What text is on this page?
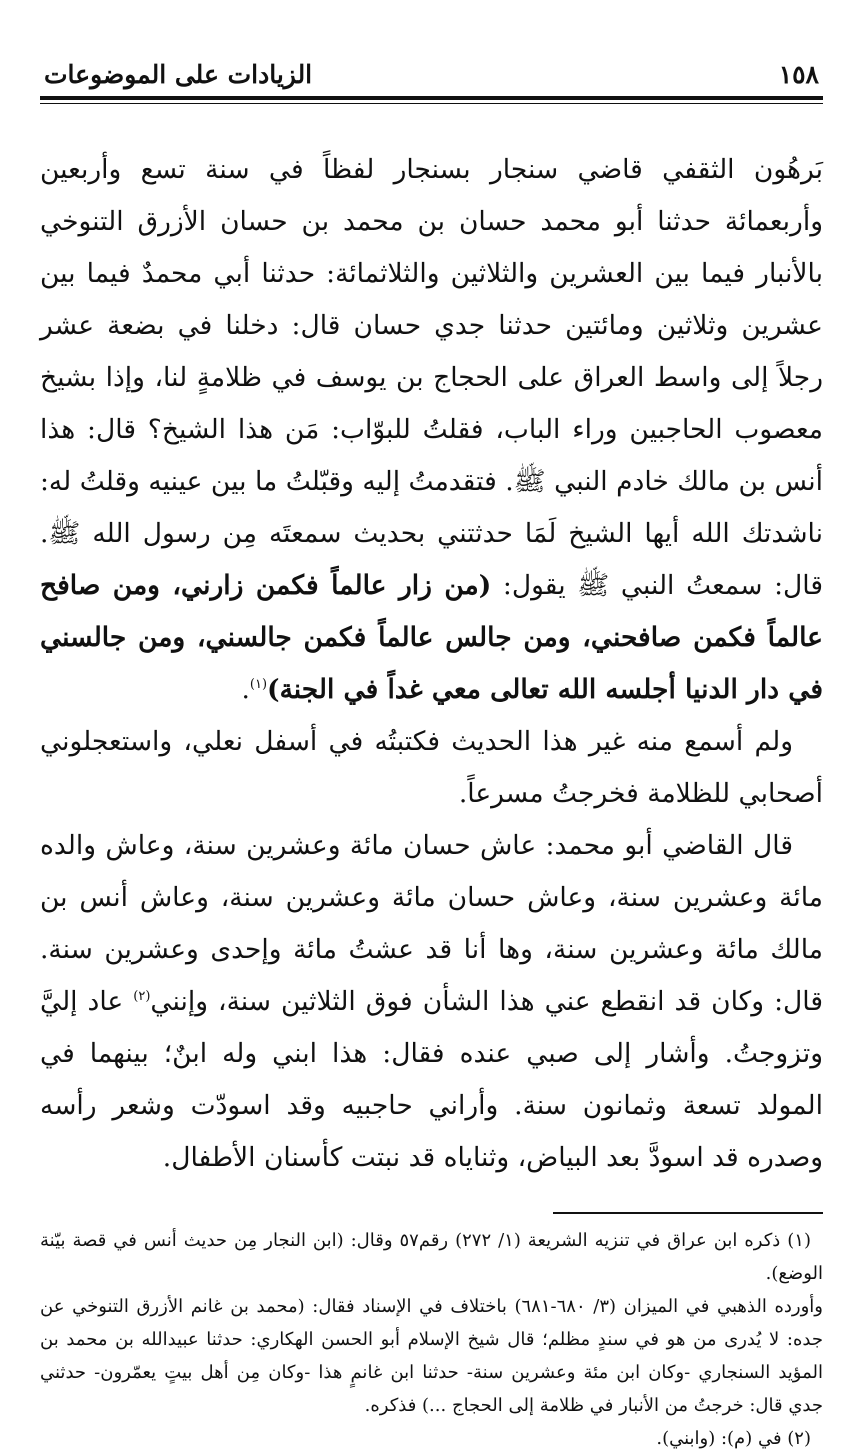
١٥٨
الزيادات على الموضوعات

بَرهُون الثقفي قاضي سنجار بسنجار لفظاً في سنة تسع وأربعين وأربعمائة حدثنا أبو محمد حسان بن محمد بن حسان الأزرق التنوخي بالأنبار فيما بين العشرين والثلاثين والثلاثمائة: حدثنا أبي محمدٌ فيما بين عشرين وثلاثين ومائتين حدثنا جدي حسان قال: دخلنا في بضعة عشر رجلاً إلى واسط العراق على الحجاج بن يوسف في ظلامةٍ لنا، وإذا بشيخ معصوب الحاجبين وراء الباب، فقلتُ للبوّاب: مَن هذا الشيخ؟ قال: هذا أنس بن مالك خادم النبي ﷺ. فتقدمتُ إليه وقبّلتُ ما بين عينيه وقلتُ له: ناشدتك الله أيها الشيخ لَمَا حدثتني بحديث سمعتَه مِن رسول الله ﷺ. قال: سمعتُ النبي ﷺ يقول: (من زار عالماً فكمن زارني، ومن صافح عالماً فكمن صافحني، ومن جالس عالماً فكمن جالسني، ومن جالسني في دار الدنيا أجلسه الله تعالى معي غداً في الجنة)$^{(١)}$.

ولم أسمع منه غير هذا الحديث فكتبتُه في أسفل نعلي، واستعجلوني أصحابي للظلامة فخرجتُ مسرعاً.

قال القاضي أبو محمد: عاش حسان مائة وعشرين سنة، وعاش والده مائة وعشرين سنة، وعاش حسان مائة وعشرين سنة، وعاش أنس بن مالك مائة وعشرين سنة، وها أنا قد عشتُ مائة وإحدى وعشرين سنة. قال: وكان قد انقطع عني هذا الشأن فوق الثلاثين سنة، وإنني$^{(٢)}$ عاد إليَّ وتزوجتُ. وأشار إلى صبي عنده فقال: هذا ابني وله ابنٌ؛ بينهما في المولد تسعة وثمانون سنة. وأراني حاجبيه وقد اسودّت وشعر رأسه وصدره قد اسودَّ بعد البياض، وثناياه قد نبتت كأسنان الأطفال.

(١) ذكره ابن عراق في تنزيه الشريعة (١/ ٢٧٢) رقم٥٧ وقال: (ابن النجار مِن حديث أنس في قصة بيّنة الوضع).

وأورده الذهبي في الميزان (٣/ ٦٨٠-٦٨١) باختلاف في الإسناد فقال: (محمد بن غانم الأزرق التنوخي عن جده: لا يُدرى من هو في سندٍ مظلم؛ قال شيخ الإسلام أبو الحسن الهكاري: حدثنا عبيدالله بن محمد بن المؤيد السنجاري -وكان ابن مئة وعشرين سنة- حدثنا ابن غانمٍ هذا -وكان مِن أهل بيتٍ يعمّرون- حدثني جدي قال: خرجتُ من الأنبار في ظلامة إلى الحجاج ...) فذكره.

(٢) في (م): (وابني).
